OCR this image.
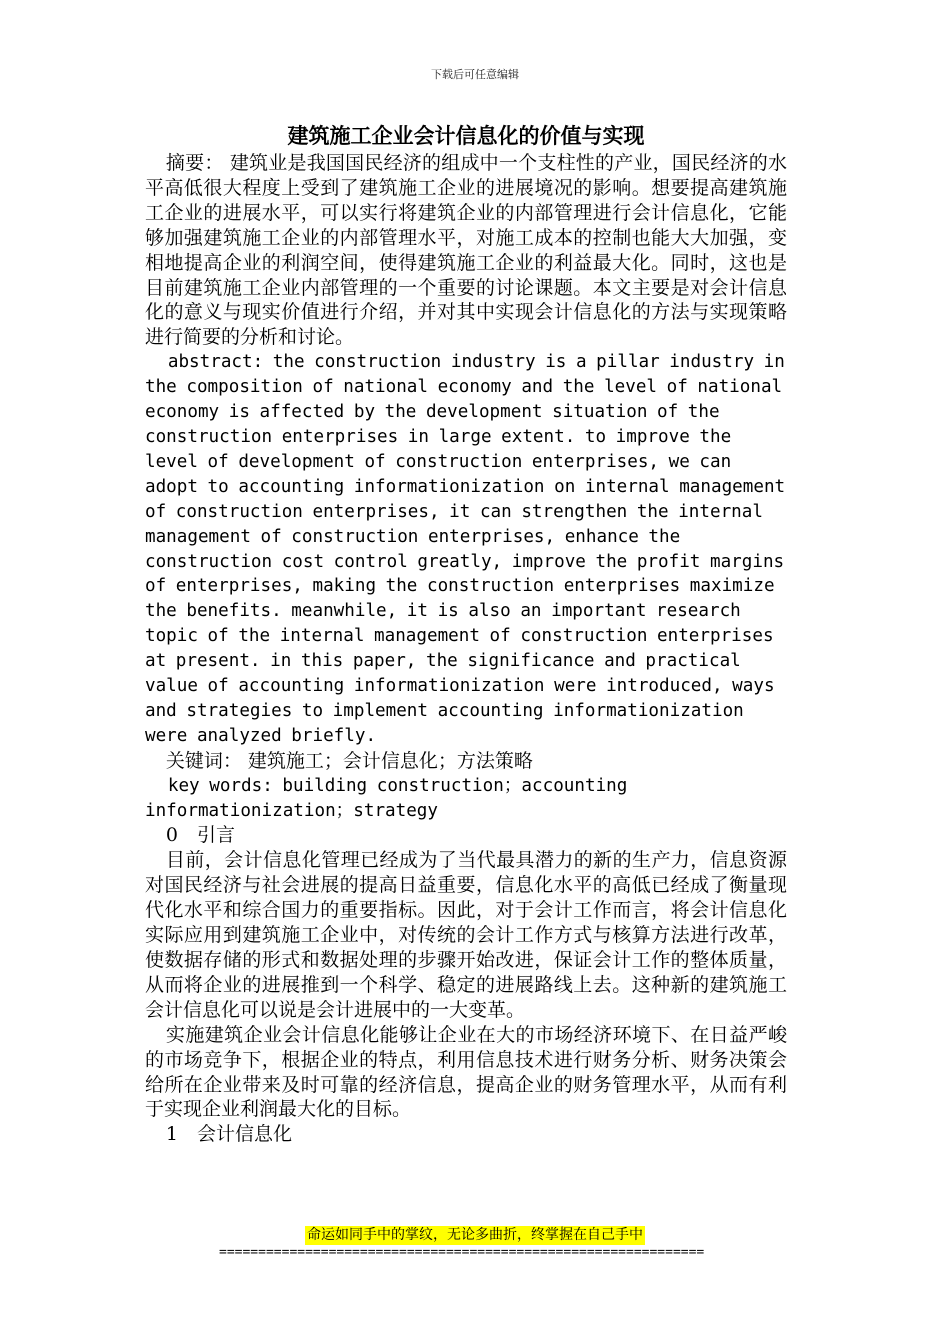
下载后可任意编辑
建筑施工企业会计信息化的价值与实现

摘要： 建筑业是我国国民经济的组成中一个支柱性的产业，国民经济的水平高低很大程度上受到了建筑施工企业的进展境况的影响。想要提高建筑施工企业的进展水平，可以实行将建筑企业的内部管理进行会计信息化，它能够加强建筑施工企业的内部管理水平，对施工成本的控制也能大大加强，变相地提高企业的利润空间，使得建筑施工企业的利益最大化。同时，这也是目前建筑施工企业内部管理的一个重要的讨论课题。本文主要是对会计信息化的意义与现实价值进行介绍，并对其中实现会计信息化的方法与实现策略进行简要的分析和讨论。

abstract: the construction industry is a pillar industry in the composition of national economy and the level of national economy is affected by the development situation of the construction enterprises in large extent. to improve the level of development of construction enterprises, we can adopt to accounting informationization on internal management of construction enterprises, it can strengthen the internal management of construction enterprises, enhance the construction cost control greatly, improve the profit margins of enterprises, making the construction enterprises maximize the benefits. meanwhile, it is also an important research topic of the internal management of construction enterprises at present. in this paper, the significance and practical value of accounting informationization were introduced, ways and strategies to implement accounting informationization were analyzed briefly.

关键词： 建筑施工；会计信息化；方法策略

key words: building construction；accounting informationization；strategy

0　引言

目前，会计信息化管理已经成为了当代最具潜力的新的生产力，信息资源对国民经济与社会进展的提高日益重要，信息化水平的高低已经成了衡量现代化水平和综合国力的重要指标。因此，对于会计工作而言，将会计信息化实际应用到建筑施工企业中，对传统的会计工作方式与核算方法进行改革，使数据存储的形式和数据处理的步骤开始改进，保证会计工作的整体质量，从而将企业的进展推到一个科学、稳定的进展路线上去。这种新的建筑施工会计信息化可以说是会计进展中的一大变革。

实施建筑企业会计信息化能够让企业在大的市场经济环境下、在日益严峻的市场竞争下，根据企业的特点，利用信息技术进行财务分析、财务决策会给所在企业带来及时可靠的经济信息，提高企业的财务管理水平，从而有利于实现企业利润最大化的目标。

1　会计信息化

命运如同手中的掌纹，无论多曲折，终掌握在自己手中
==============================================================
